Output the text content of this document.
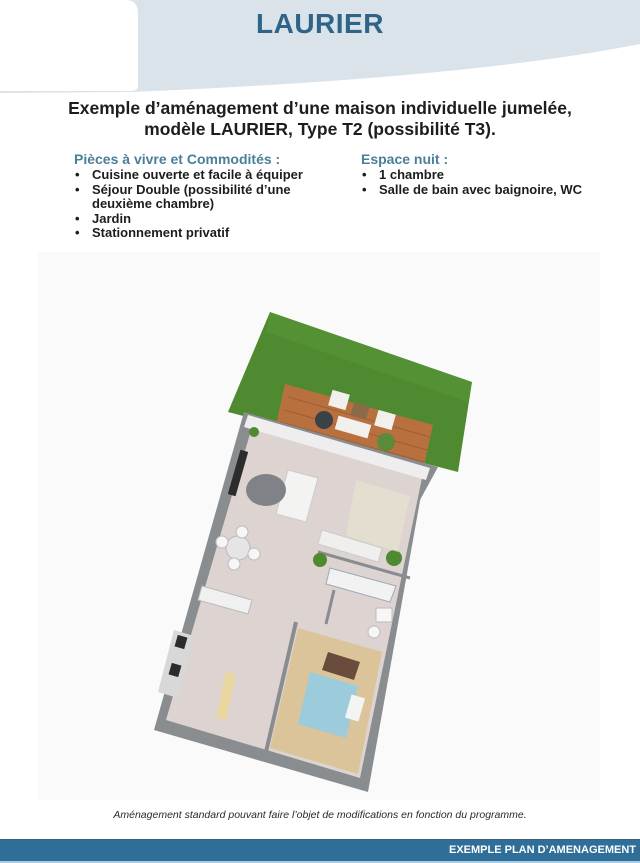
LAURIER
Exemple d’aménagement d’une maison individuelle jumelée,
modèle LAURIER, Type T2 (possibilité T3).
Pièces à vivre et Commodités :
• Cuisine ouverte et facile à équiper
• Séjour Double (possibilité d’une deuxième chambre)
• Jardin
• Stationnement privatif
Espace nuit :
• 1 chambre
• Salle de bain avec baignoire, WC
Aménagement standard pouvant faire l’objet de modifications en fonction du programme.
EXEMPLE PLAN D’AMENAGEMENT
